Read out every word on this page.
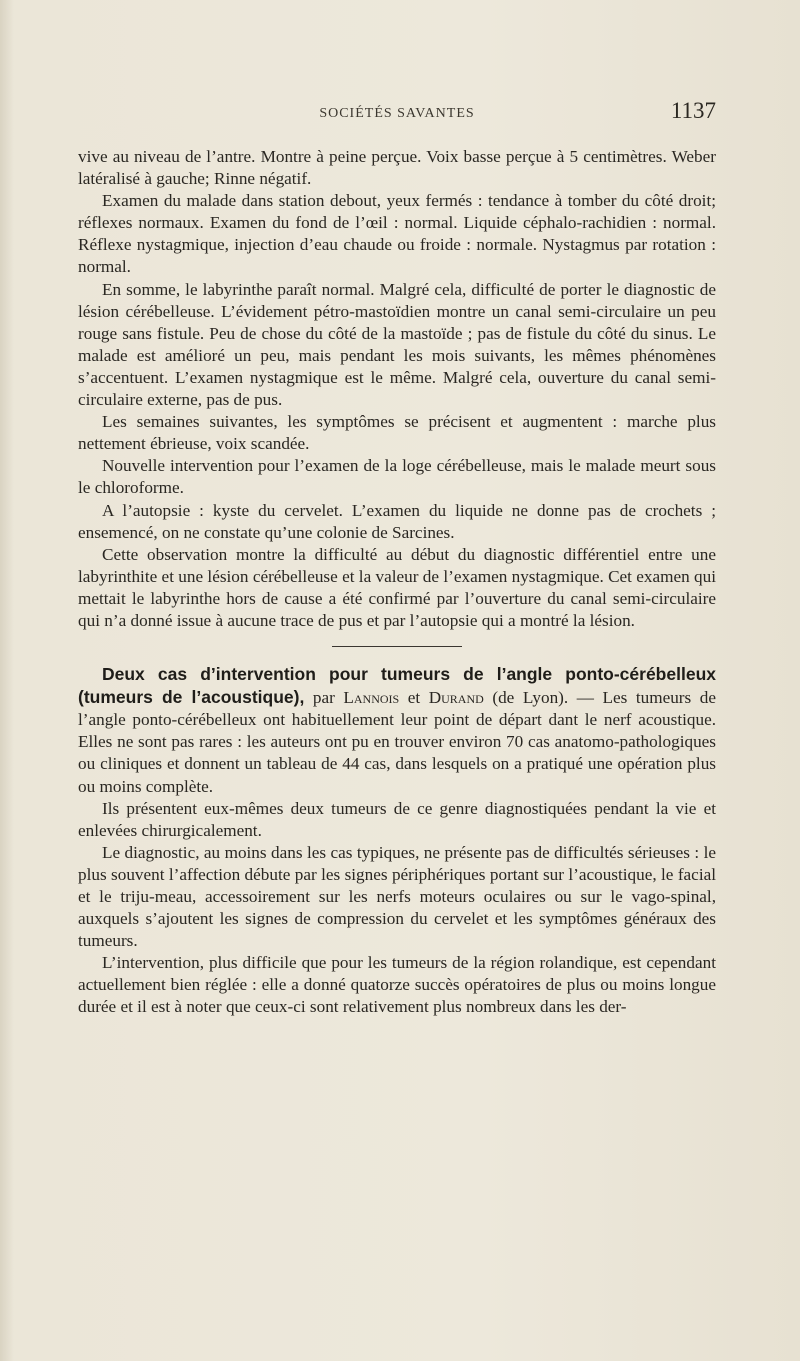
SOCIÉTÉS SAVANTES	1137

vive au niveau de l’antre. Montre à peine perçue. Voix basse perçue à 5 centimètres. Weber latéralisé à gauche; Rinne négatif.

Examen du malade dans station debout, yeux fermés : tendance à tomber du côté droit; réflexes normaux. Examen du fond de l’œil : normal. Liquide céphalo-rachidien : normal. Réflexe nystagmique, injection d’eau chaude ou froide : normale. Nystagmus par rotation : normal.

En somme, le labyrinthe paraît normal. Malgré cela, difficulté de porter le diagnostic de lésion cérébelleuse. L’évidement pétro-mastoïdien montre un canal semi-circulaire un peu rouge sans fistule. Peu de chose du côté de la mastoïde ; pas de fistule du côté du sinus. Le malade est amélioré un peu, mais pendant les mois suivants, les mêmes phénomènes s’accentuent. L’examen nystagmique est le même. Malgré cela, ouverture du canal semi-circulaire externe, pas de pus.

Les semaines suivantes, les symptômes se précisent et augmentent : marche plus nettement ébrieuse, voix scandée.

Nouvelle intervention pour l’examen de la loge cérébelleuse, mais le malade meurt sous le chloroforme.

A l’autopsie : kyste du cervelet. L’examen du liquide ne donne pas de crochets ; ensemencé, on ne constate qu’une colonie de Sarcines.

Cette observation montre la difficulté au début du diagnostic différentiel entre une labyrinthite et une lésion cérébelleuse et la valeur de l’examen nystagmique. Cet examen qui mettait le labyrinthe hors de cause a été confirmé par l’ouverture du canal semi-circulaire qui n’a donné issue à aucune trace de pus et par l’autopsie qui a montré la lésion.

Deux cas d’intervention pour tumeurs de l’angle ponto-cérébelleux (tumeurs de l’acoustique), par Lannois et Durand (de Lyon). — Les tumeurs de l’angle ponto-cérébelleux ont habituellement leur point de départ dant le nerf acoustique. Elles ne sont pas rares : les auteurs ont pu en trouver environ 70 cas anatomo-pathologiques ou cliniques et donnent un tableau de 44 cas, dans lesquels on a pratiqué une opération plus ou moins complète.

Ils présentent eux-mêmes deux tumeurs de ce genre diagnostiquées pendant la vie et enlevées chirurgicalement.

Le diagnostic, au moins dans les cas typiques, ne présente pas de difficultés sérieuses : le plus souvent l’affection débute par les signes périphériques portant sur l’acoustique, le facial et le triju-meau, accessoirement sur les nerfs moteurs oculaires ou sur le vago-spinal, auxquels s’ajoutent les signes de compression du cervelet et les symptômes généraux des tumeurs.

L’intervention, plus difficile que pour les tumeurs de la région rolandique, est cependant actuellement bien réglée : elle a donné quatorze succès opératoires de plus ou moins longue durée et il est à noter que ceux-ci sont relativement plus nombreux dans les der-
